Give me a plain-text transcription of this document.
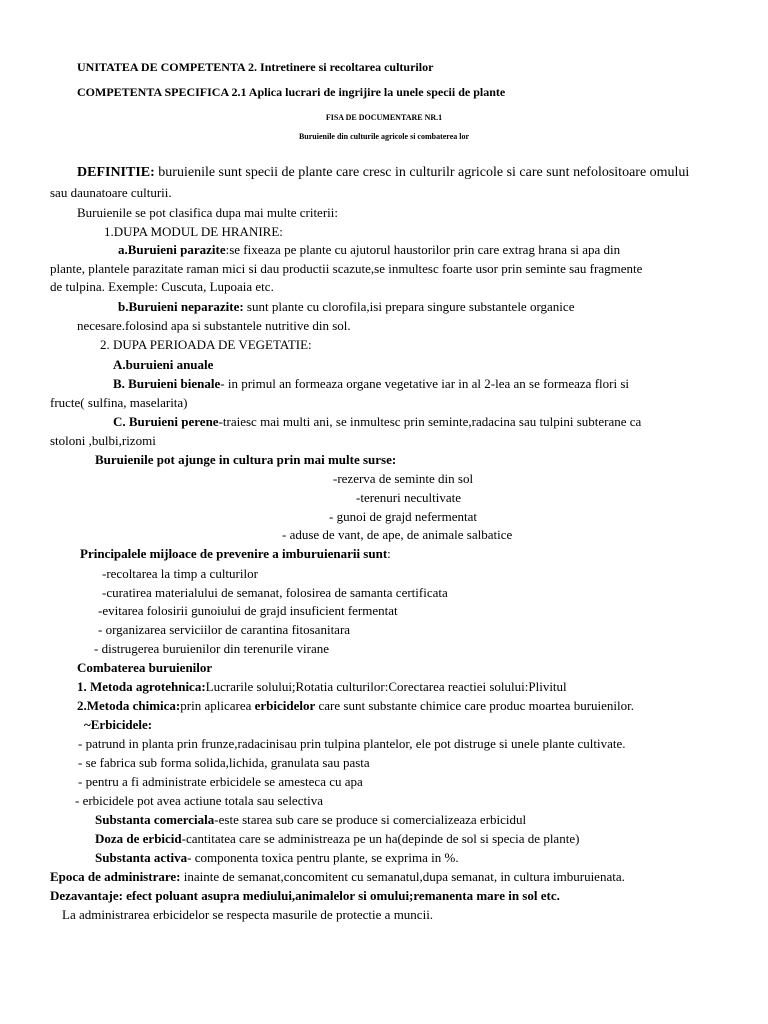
UNITATEA DE COMPETENTA 2. Intretinere si recoltarea culturilor
COMPETENTA SPECIFICA 2.1 Aplica lucrari de ingrijire la unele specii de plante
FISA DE DOCUMENTARE NR.1
Buruienile din culturile agricole si combaterea lor
DEFINITIE: buruienile sunt specii de plante care cresc in culturilr agricole si care sunt nefolositoare omului
sau daunatoare culturii.
Buruienile se pot clasifica dupa mai multe criterii:
1.DUPA MODUL DE HRANIRE:
a.Buruieni parazite:se fixeaza pe plante cu ajutorul haustorilor prin care extrag hrana si apa din
plante, plantele parazitate raman mici si dau productii scazute,se inmultesc foarte usor prin seminte sau fragmente
de tulpina. Exemple: Cuscuta, Lupoaia etc.
b.Buruieni neparazite: sunt plante cu clorofila,isi prepara singure substantele organice
necesare.folosind apa si substantele nutritive din sol.
2. DUPA PERIOADA DE VEGETATIE:
A.buruieni anuale
B. Buruieni bienale- in primul an formeaza organe vegetative iar in al 2-lea an se formeaza flori si
fructe( sulfina, maselarita)
C. Buruieni perene-traiesc mai multi ani, se inmultesc prin seminte,radacina sau tulpini subterane ca
stoloni ,bulbi,rizomi
Buruienile pot ajunge in cultura prin mai multe surse:
-rezerva de seminte din sol
-terenuri necultivate
- gunoi de grajd nefermentat
- aduse de vant, de ape, de animale salbatice
Principalele mijloace de prevenire a imburuienarii sunt:
-recoltarea la timp a culturilor
-curatirea materialului de semanat, folosirea de samanta certificata
-evitarea folosirii gunoiului de grajd insuficient fermentat
- organizarea serviciilor de carantina fitosanitara
- distrugerea buruienilor din terenurile virane
Combaterea buruienilor
1. Metoda agrotehnica:Lucrarile solului;Rotatia culturilor:Corectarea reactiei solului:Plivitul
2.Metoda chimica:prin aplicarea erbicidelor care sunt substante chimice care produc moartea buruienilor.
~Erbicidele:
- patrund in planta prin frunze,radacinisau prin tulpina plantelor, ele pot distruge si unele plante cultivate.
- se fabrica sub forma solida,lichida, granulata sau pasta
- pentru a fi administrate erbicidele se amesteca cu apa
- erbicidele pot avea actiune totala sau selectiva
Substanta comerciala-este starea sub care se produce si comercializeaza erbicidul
Doza de erbicid-cantitatea care se administreaza pe un ha(depinde de sol si specia de plante)
Substanta activa- componenta toxica pentru plante, se exprima in %.
Epoca de administrare: inainte de semanat,concomitent cu semanatul,dupa semanat, in cultura imburuienata.
Dezavantaje: efect poluant asupra mediului,animalelor si omului;remanenta mare in sol etc.
La administrarea erbicidelor se respecta masurile de protectie a muncii.
